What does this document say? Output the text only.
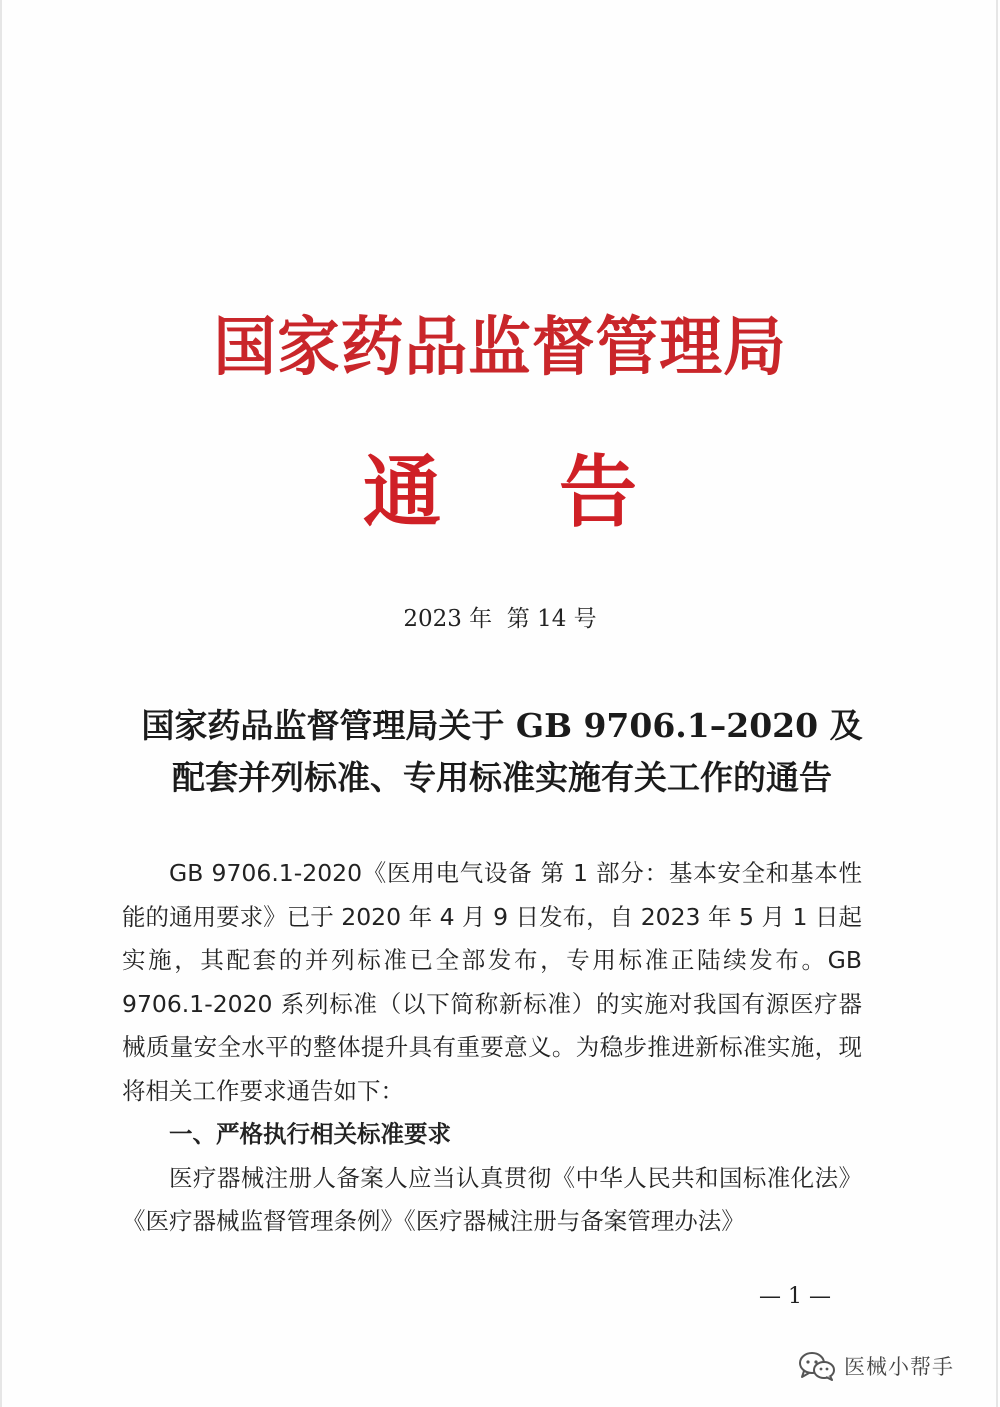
国家药品监督管理局
通 告
2023 年  第 14 号
国家药品监督管理局关于 GB 9706.1–2020 及
配套并列标准、专用标准实施有关工作的通告

GB 9706.1-2020《医用电气设备 第 1 部分：基本安全和基本性能的通用要求》已于 2020 年 4 月 9 日发布，自 2023 年 5 月 1 日起实施，其配套的并列标准已全部发布，专用标准正陆续发布。GB 9706.1-2020 系列标准（以下简称新标准）的实施对我国有源医疗器械质量安全水平的整体提升具有重要意义。为稳步推进新标准实施，现将相关工作要求通告如下：

一、严格执行相关标准要求

医疗器械注册人备案人应当认真贯彻《中华人民共和国标准化法》《医疗器械监督管理条例》《医疗器械注册与备案管理办法》

— 1 —
医械小帮手
